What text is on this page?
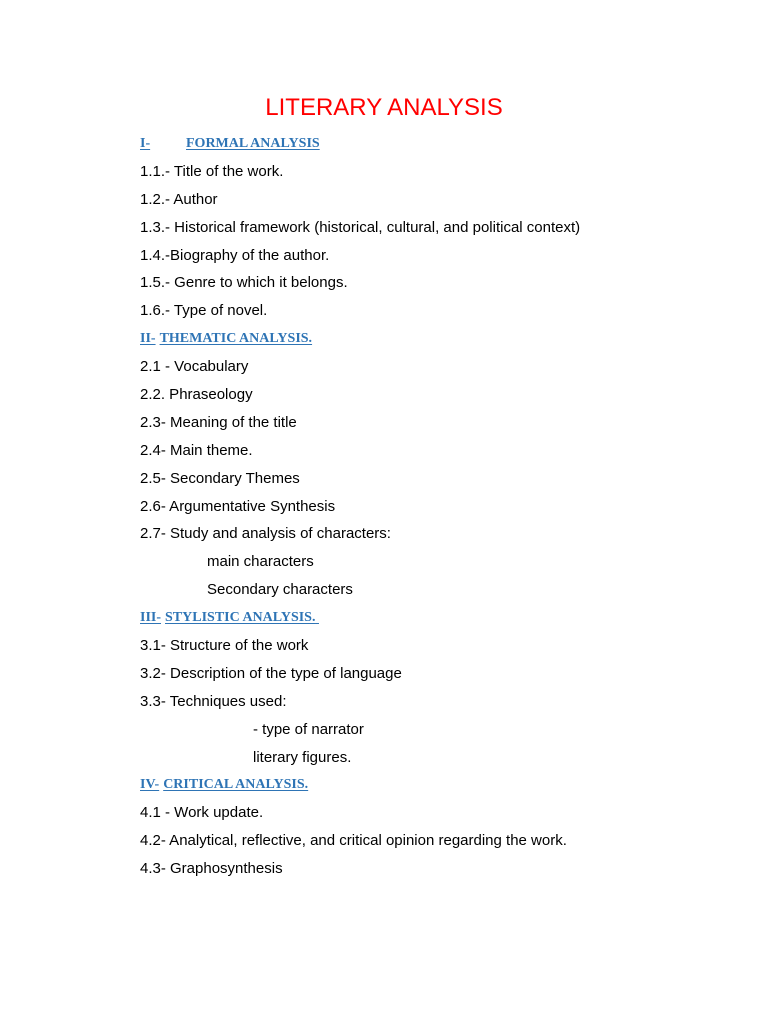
LITERARY ANALYSIS
I-	FORMAL ANALYSIS
1.1.- Title of the work.
1.2.- Author
1.3.- Historical framework (historical, cultural, and political context)
1.4.-Biography of the author.
1.5.- Genre to which it belongs.
1.6.- Type of novel.
II- THEMATIC ANALYSIS.
2.1 - Vocabulary
2.2. Phraseology
2.3- Meaning of the title
2.4- Main theme.
2.5- Secondary Themes
2.6- Argumentative Synthesis
2.7- Study and analysis of characters:
main characters
Secondary characters
III- STYLISTIC ANALYSIS.
3.1- Structure of the work
3.2- Description of the type of language
3.3- Techniques used:
- type of narrator
literary figures.
IV- CRITICAL ANALYSIS.
4.1 - Work update.
4.2- Analytical, reflective, and critical opinion regarding the work.
4.3- Graphosynthesis
